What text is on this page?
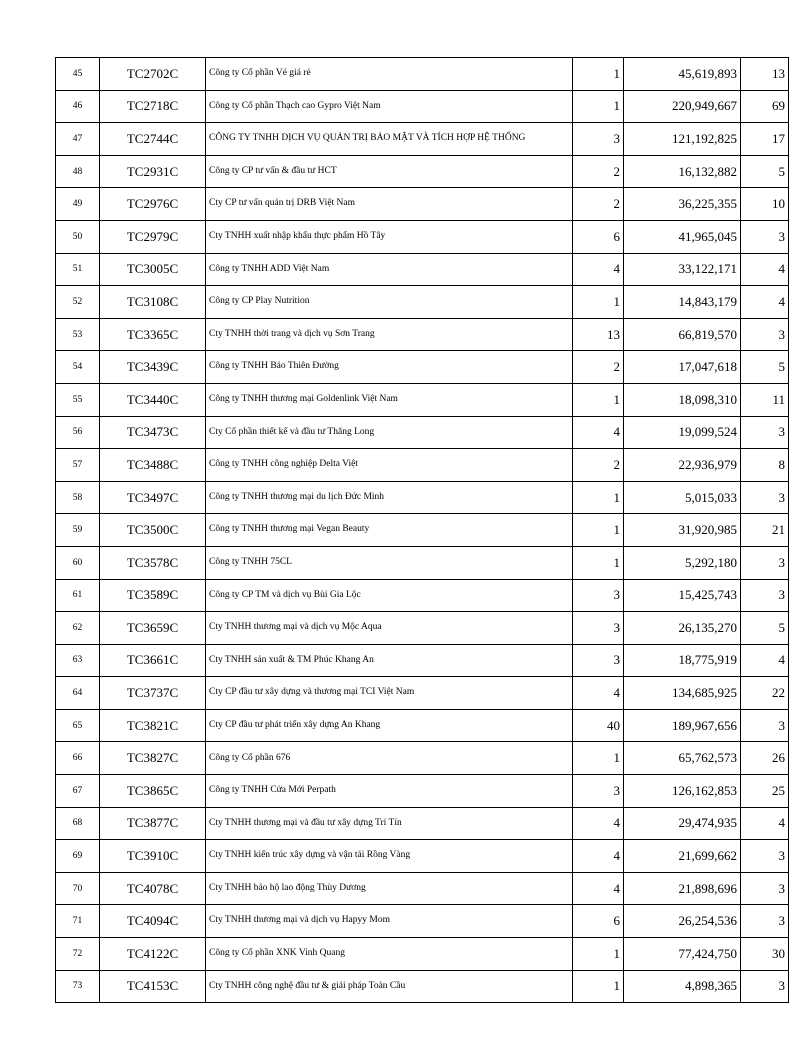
45	TC2702C	Công ty Cổ phần Vé giá rẻ	1	45,619,893	13
46	TC2718C	Công ty Cổ phần Thạch cao Gypro Việt Nam	1	220,949,667	69
47	TC2744C	CÔNG TY TNHH DỊCH VỤ QUẢN TRỊ BẢO MẬT VÀ TÍCH HỢP HỆ THỐNG	3	121,192,825	17
48	TC2931C	Công ty CP tư vấn & đầu tư HCT	2	16,132,882	5
49	TC2976C	Cty CP tư vấn quản trị DRB Việt Nam	2	36,225,355	10
50	TC2979C	Cty TNHH xuất nhập khẩu thực phẩm Hồ Tây	6	41,965,045	3
51	TC3005C	Công ty TNHH ADD Việt Nam	4	33,122,171	4
52	TC3108C	Công ty CP Play Nutrition	1	14,843,179	4
53	TC3365C	Cty TNHH thời trang và dịch vụ Sơn Trang	13	66,819,570	3
54	TC3439C	Công ty TNHH Bảo Thiên Đường	2	17,047,618	5
55	TC3440C	Công ty TNHH thương mại Goldenlink Việt Nam	1	18,098,310	11
56	TC3473C	Cty Cổ phần thiết kế và đầu tư Thăng Long	4	19,099,524	3
57	TC3488C	Công ty TNHH công nghiệp Delta Việt	2	22,936,979	8
58	TC3497C	Công ty TNHH thương mại du lịch Đức Minh	1	5,015,033	3
59	TC3500C	Công ty TNHH thương mại Vegan Beauty	1	31,920,985	21
60	TC3578C	Công ty TNHH 75CL	1	5,292,180	3
61	TC3589C	Công ty CP TM và dịch vụ Bùi Gia Lộc	3	15,425,743	3
62	TC3659C	Cty TNHH thương mại và dịch vụ Mộc Aqua	3	26,135,270	5
63	TC3661C	Cty TNHH sản xuất & TM Phúc Khang An	3	18,775,919	4
64	TC3737C	Cty CP đầu tư xây dựng và thương mại TCI Việt Nam	4	134,685,925	22
65	TC3821C	Cty CP đầu tư phát triển xây dựng An Khang	40	189,967,656	3
66	TC3827C	Công ty Cổ phần 676	1	65,762,573	26
67	TC3865C	Công ty TNHH Cửa Mới Perpath	3	126,162,853	25
68	TC3877C	Cty TNHH thương mại và đầu tư xây dựng Trí Tín	4	29,474,935	4
69	TC3910C	Cty TNHH kiến trúc xây dựng và vận tải Rồng Vàng	4	21,699,662	3
70	TC4078C	Cty TNHH bảo hộ lao động Thùy Dương	4	21,898,696	3
71	TC4094C	Cty TNHH thương mại và dịch vụ Hapyy Mom	6	26,254,536	3
72	TC4122C	Công ty Cổ phần XNK Vinh Quang	1	77,424,750	30
73	TC4153C	Cty TNHH công nghệ đầu tư & giải pháp Toàn Cầu	1	4,898,365	3
